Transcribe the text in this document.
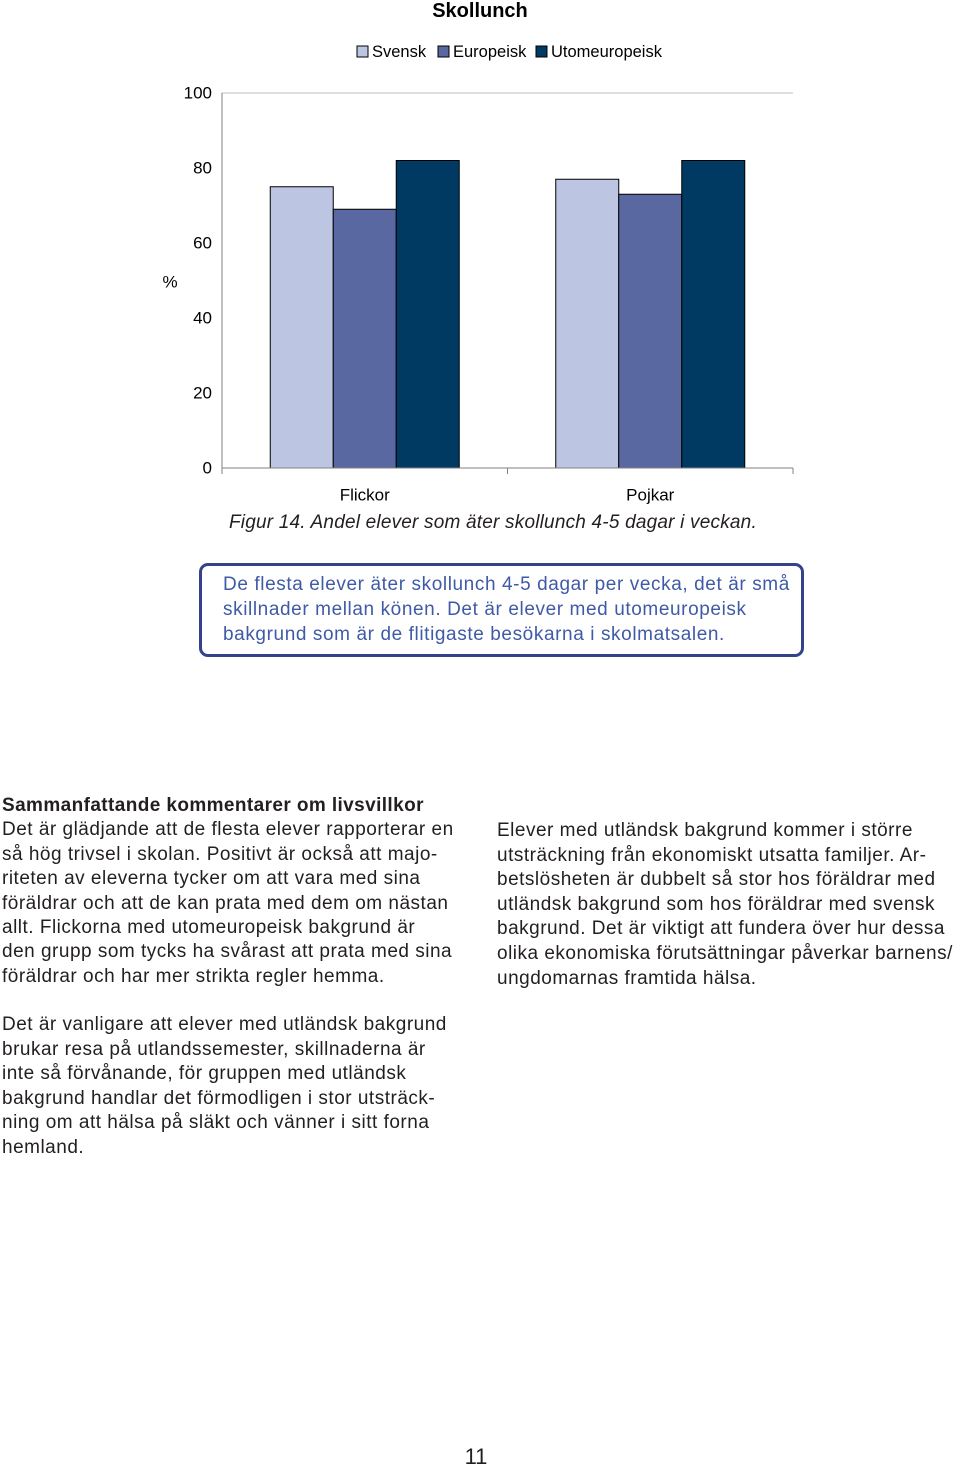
Skollunch
Svensk Europeisk Utomeuropeisk
0
20
40
60
80
100
%
Flickor	Pojkar
Figur 14. Andel elever som äter skollunch 4-5 dagar i veckan.
De flesta elever äter skollunch 4-5 dagar per vecka, det är små
skillnader mellan könen. Det är elever med utomeuropeisk
bakgrund som är de flitigaste besökarna i skolmatsalen.
Sammanfattande kommentarer om livsvillkor
Det är glädjande att de flesta elever rapporterar en
så hög trivsel i skolan. Positivt är också att majo-
riteten av eleverna tycker om att vara med sina
föräldrar och att de kan prata med dem om nästan
allt. Flickorna med utomeuropeisk bakgrund är
den grupp som tycks ha svårast att prata med sina
föräldrar och har mer strikta regler hemma.
Det är vanligare att elever med utländsk bakgrund
brukar resa på utlandssemester, skillnaderna är
inte så förvånande, för gruppen med utländsk
bakgrund handlar det förmodligen i stor utsträck-
ning om att hälsa på släkt och vänner i sitt forna
hemland.
Elever med utländsk bakgrund kommer i större
utsträckning från ekonomiskt utsatta familjer. Ar-
betslösheten är dubbelt så stor hos föräldrar med
utländsk bakgrund som hos föräldrar med svensk
bakgrund. Det är viktigt att fundera över hur dessa
olika ekonomiska förutsättningar påverkar barnens/
ungdomarnas framtida hälsa.
11
